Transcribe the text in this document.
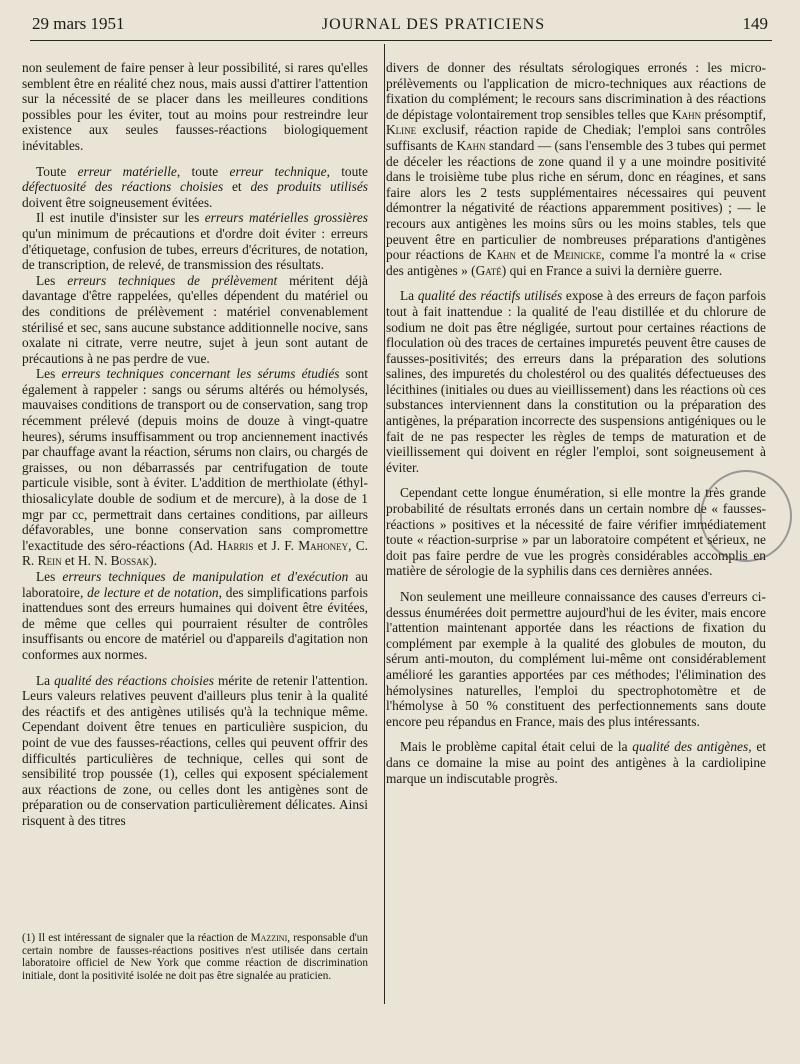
29 mars 1951	JOURNAL DES PRATICIENS	149

non seulement de faire penser à leur possibilité, si rares qu'elles semblent être en réalité chez nous, mais aussi d'attirer l'attention sur la nécessité de se placer dans les meilleures conditions possibles pour les éviter, tout au moins pour restreindre leur existence aux seules fausses-réactions biologiquement inévitables.

Toute erreur matérielle, toute erreur technique, toute défectuosité des réactions choisies et des produits utilisés doivent être soigneusement évitées.

Il est inutile d'insister sur les erreurs matérielles grossières qu'un minimum de précautions et d'ordre doit éviter : erreurs d'étiquetage, confusion de tubes, erreurs d'écritures, de notation, de transcription, de relevé, de transmission des résultats.

Les erreurs techniques de prélèvement méritent déjà davantage d'être rappelées, qu'elles dépendent du matériel ou des conditions de prélèvement : matériel convenablement stérilisé et sec, sans aucune substance additionnelle nocive, sans oxalate ni citrate, verre neutre, sujet à jeun sont autant de précautions à ne pas perdre de vue.

Les erreurs techniques concernant les sérums étudiés sont également à rappeler : sangs ou sérums altérés ou hémolysés, mauvaises conditions de transport ou de conservation, sang trop récemment prélevé (depuis moins de douze à vingt-quatre heures), sérums insuffisamment ou trop anciennement inactivés par chauffage avant la réaction, sérums non clairs, ou chargés de graisses, ou non débarrassés par centrifugation de toute particule visible, sont à éviter. L'addition de merthiolate (éthyl-thiosalicylate double de sodium et de mercure), à la dose de 1 mgr par cc, permettrait dans certaines conditions, par ailleurs défavorables, une bonne conservation sans compromettre l'exactitude des séro-réactions (Ad. Harris et J. F. Mahoney, C. R. Rein et H. N. Bossak).

Les erreurs techniques de manipulation et d'exécution au laboratoire, de lecture et de notation, des simplifications parfois inattendues sont des erreurs humaines qui doivent être évitées, de même que celles qui pourraient résulter de contrôles insuffisants ou encore de matériel ou d'appareils d'agitation non conformes aux normes.

La qualité des réactions choisies mérite de retenir l'attention. Leurs valeurs relatives peuvent d'ailleurs plus tenir à la qualité des réactifs et des antigènes utilisés qu'à la technique même. Cependant doivent être tenues en particulière suspicion, du point de vue des fausses-réactions, celles qui peuvent offrir des difficultés particulières de technique, celles qui sont de sensibilité trop poussée (1), celles qui exposent spécialement aux réactions de zone, ou celles dont les antigènes sont de préparation ou de conservation particulièrement délicates. Ainsi risquent à des titres

(1) Il est intéressant de signaler que la réaction de Mazzini, responsable d'un certain nombre de fausses-réactions positives n'est utilisée dans certain laboratoire officiel de New York que comme réaction de discrimination initiale, dont la positivité isolée ne doit pas être signalée au praticien.

divers de donner des résultats sérologiques erronés : les micro-prélèvements ou l'application de micro-techniques aux réactions de fixation du complément; le recours sans discrimination à des réactions de dépistage volontairement trop sensibles telles que Kahn présomptif, Kline exclusif, réaction rapide de Chediak; l'emploi sans contrôles suffisants de Kahn standard — (sans l'ensemble des 3 tubes qui permet de déceler les réactions de zone quand il y a une moindre positivité dans le troisième tube plus riche en sérum, donc en réagines, et sans faire alors les 2 tests supplémentaires nécessaires qui peuvent démontrer la négativité de réactions apparemment positives) ; — le recours aux antigènes les moins sûrs ou les moins stables, tels que peuvent être en particulier de nombreuses préparations d'antigènes pour réactions de Kahn et de Meinicke, comme l'a montré la « crise des antigènes » (Gaté) qui en France a suivi la dernière guerre.

La qualité des réactifs utilisés expose à des erreurs de façon parfois tout à fait inattendue : la qualité de l'eau distillée et du chlorure de sodium ne doit pas être négligée, surtout pour certaines réactions de floculation où des traces de certaines impuretés peuvent être causes de fausses-positivités; des erreurs dans la préparation des solutions salines, des impuretés du cholestérol ou des qualités défectueuses des lécithines (initiales ou dues au vieillissement) dans les réactions où ces substances interviennent dans la constitution ou la préparation des antigènes, la préparation incorrecte des suspensions antigéniques ou le fait de ne pas respecter les règles de temps de maturation et de vieillissement qui doivent en régler l'emploi, sont soigneusement à éviter.

Cependant cette longue énumération, si elle montre la très grande probabilité de résultats erronés dans un certain nombre de « fausses-réactions » positives et la nécessité de faire vérifier immédiatement toute « réaction-surprise » par un laboratoire compétent et sérieux, ne doit pas faire perdre de vue les progrès considérables accomplis en matière de sérologie de la syphilis dans ces dernières années.

Non seulement une meilleure connaissance des causes d'erreurs ci-dessus énumérées doit permettre aujourd'hui de les éviter, mais encore l'attention maintenant apportée dans les réactions de fixation du complément par exemple à la qualité des globules de mouton, du sérum anti-mouton, du complément lui-même ont considérablement amélioré les garanties apportées par ces méthodes; l'élimination des hémolysines naturelles, l'emploi du spectrophotomètre et de l'hémolyse à 50 % constituent des perfectionnements sans doute encore peu répandus en France, mais des plus intéressants.

Mais le problème capital était celui de la qualité des antigènes, et dans ce domaine la mise au point des antigènes à la cardiolipine marque un indiscutable progrès.
